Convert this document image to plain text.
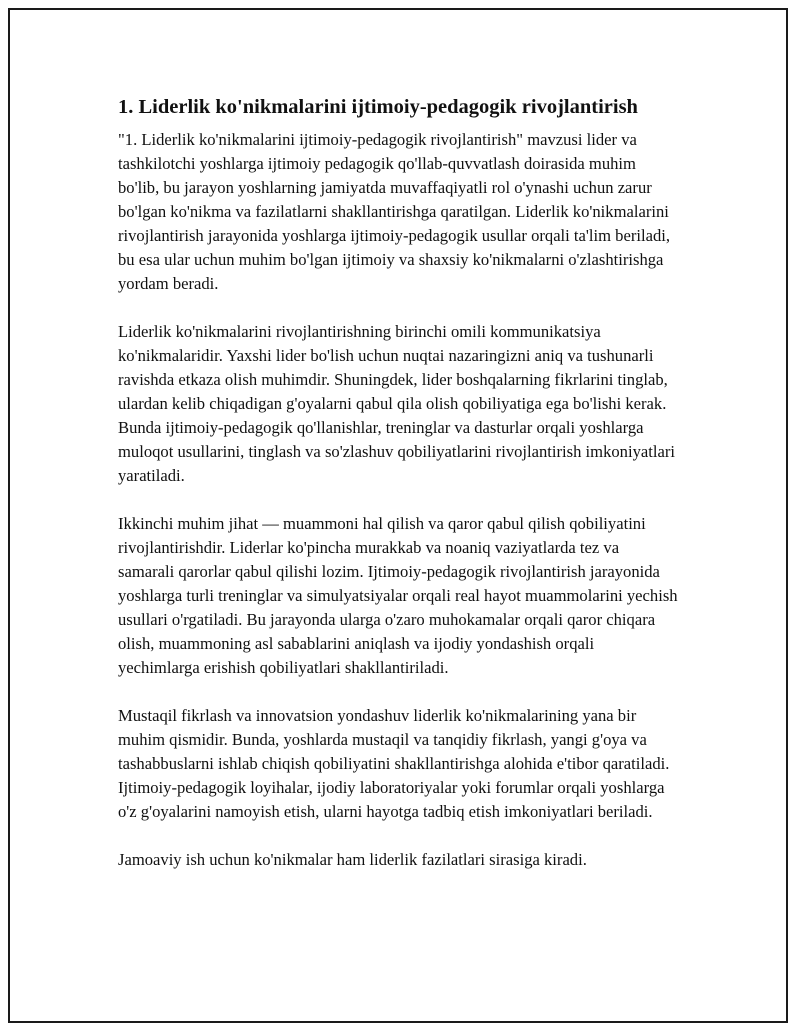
1. Liderlik ko'nikmalarini ijtimoiy-pedagogik rivojlantirish

"1. Liderlik ko'nikmalarini ijtimoiy-pedagogik rivojlantirish" mavzusi lider va tashkilotchi yoshlarga ijtimoiy pedagogik qo'llab-quvvatlash doirasida muhim bo'lib, bu jarayon yoshlarning jamiyatda muvaffaqiyatli rol o'ynashi uchun zarur bo'lgan ko'nikma va fazilatlarni shakllantirishga qaratilgan. Liderlik ko'nikmalarini rivojlantirish jarayonida yoshlarga ijtimoiy-pedagogik usullar orqali ta'lim beriladi, bu esa ular uchun muhim bo'lgan ijtimoiy va shaxsiy ko'nikmalarni o'zlashtirishga yordam beradi.

Liderlik ko'nikmalarini rivojlantirishning birinchi omili kommunikatsiya ko'nikmalaridir. Yaxshi lider bo'lish uchun nuqtai nazaringizni aniq va tushunarli ravishda etkaza olish muhimdir. Shuningdek, lider boshqalarning fikrlarini tinglab, ulardan kelib chiqadigan g'oyalarni qabul qila olish qobiliyatiga ega bo'lishi kerak. Bunda ijtimoiy-pedagogik qo'llanishlar, treninglar va dasturlar orqali yoshlarga muloqot usullarini, tinglash va so'zlashuv qobiliyatlarini rivojlantirish imkoniyatlari yaratiladi.

Ikkinchi muhim jihat — muammoni hal qilish va qaror qabul qilish qobiliyatini rivojlantirishdir. Liderlar ko'pincha murakkab va noaniq vaziyatlarda tez va samarali qarorlar qabul qilishi lozim. Ijtimoiy-pedagogik rivojlantirish jarayonida yoshlarga turli treninglar va simulyatsiyalar orqali real hayot muammolarini yechish usullari o'rgatiladi. Bu jarayonda ularga o'zaro muhokamalar orqali qaror chiqara olish, muammoning asl sabablarini aniqlash va ijodiy yondashish orqali yechimlarga erishish qobiliyatlari shakllantiriladi.

Mustaqil fikrlash va innovatsion yondashuv liderlik ko'nikmalarining yana bir muhim qismidir. Bunda, yoshlarda mustaqil va tanqidiy fikrlash, yangi g'oya va tashabbuslarni ishlab chiqish qobiliyatini shakllantirishga alohida e'tibor qaratiladi. Ijtimoiy-pedagogik loyihalar, ijodiy laboratoriyalar yoki forumlar orqali yoshlarga o'z g'oyalarini namoyish etish, ularni hayotga tadbiq etish imkoniyatlari beriladi.

Jamoaviy ish uchun ko'nikmalar ham liderlik fazilatlari sirasiga kiradi.
